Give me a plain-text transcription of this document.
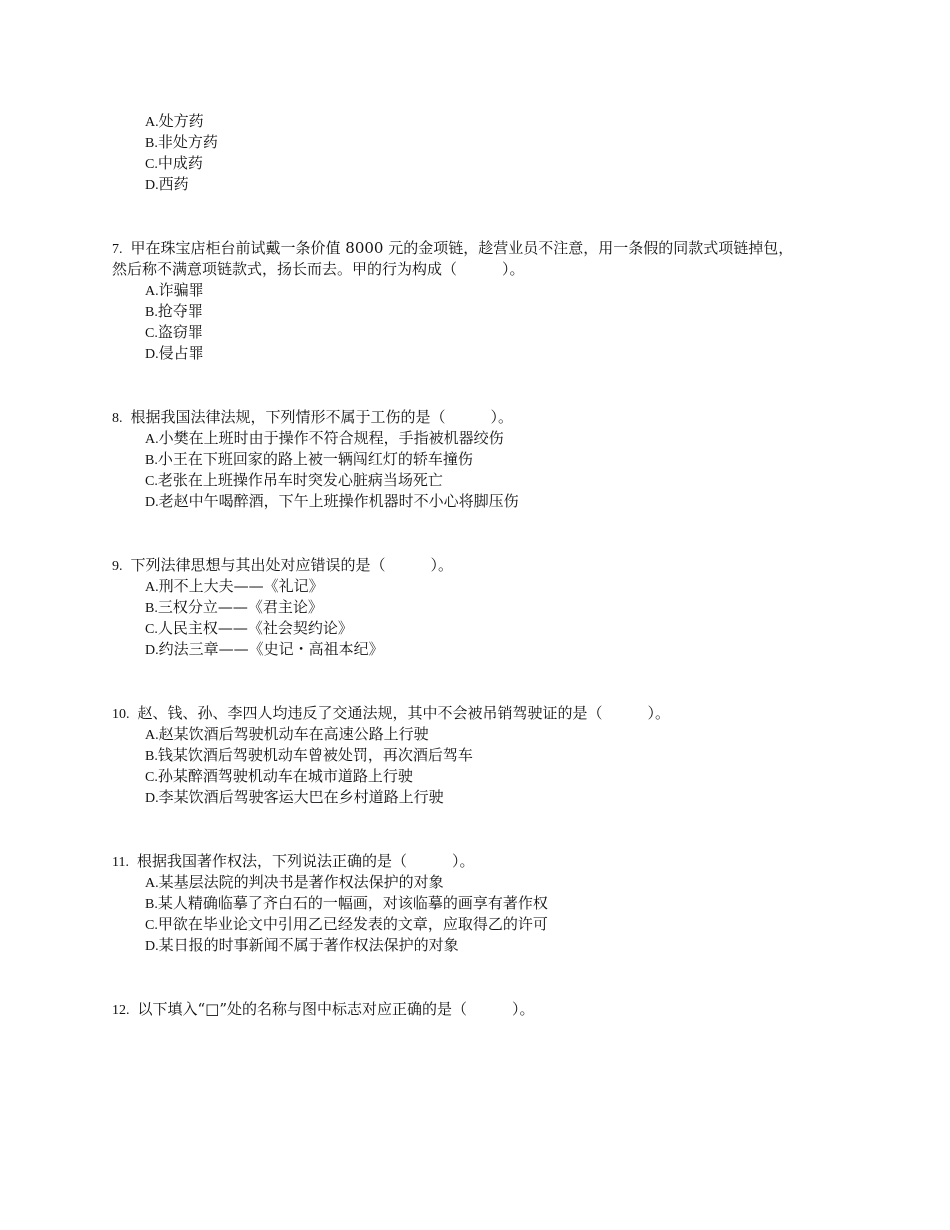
A.处方药
B.非处方药
C.中成药
D.西药
7. 甲在珠宝店柜台前试戴一条价值 8000 元的金项链，趁营业员不注意，用一条假的同款式项链掉包，
然后称不满意项链款式，扬长而去。甲的行为构成（　　　）。
A.诈骗罪
B.抢夺罪
C.盗窃罪
D.侵占罪
8. 根据我国法律法规，下列情形不属于工伤的是（　　　）。
A.小樊在上班时由于操作不符合规程，手指被机器绞伤
B.小王在下班回家的路上被一辆闯红灯的轿车撞伤
C.老张在上班操作吊车时突发心脏病当场死亡
D.老赵中午喝醉酒，下午上班操作机器时不小心将脚压伤
9. 下列法律思想与其出处对应错误的是（　　　）。
A.刑不上大夫——《礼记》
B.三权分立——《君主论》
C.人民主权——《社会契约论》
D.约法三章——《史记・高祖本纪》
10. 赵、钱、孙、李四人均违反了交通法规，其中不会被吊销驾驶证的是（　　　）。
A.赵某饮酒后驾驶机动车在高速公路上行驶
B.钱某饮酒后驾驶机动车曾被处罚，再次酒后驾车
C.孙某醉酒驾驶机动车在城市道路上行驶
D.李某饮酒后驾驶客运大巴在乡村道路上行驶
11. 根据我国著作权法，下列说法正确的是（　　　）。
A.某基层法院的判决书是著作权法保护的对象
B.某人精确临摹了齐白石的一幅画，对该临摹的画享有著作权
C.甲欲在毕业论文中引用乙已经发表的文章，应取得乙的许可
D.某日报的时事新闻不属于著作权法保护的对象
12. 以下填入“□”处的名称与图中标志对应正确的是（　　　）。
